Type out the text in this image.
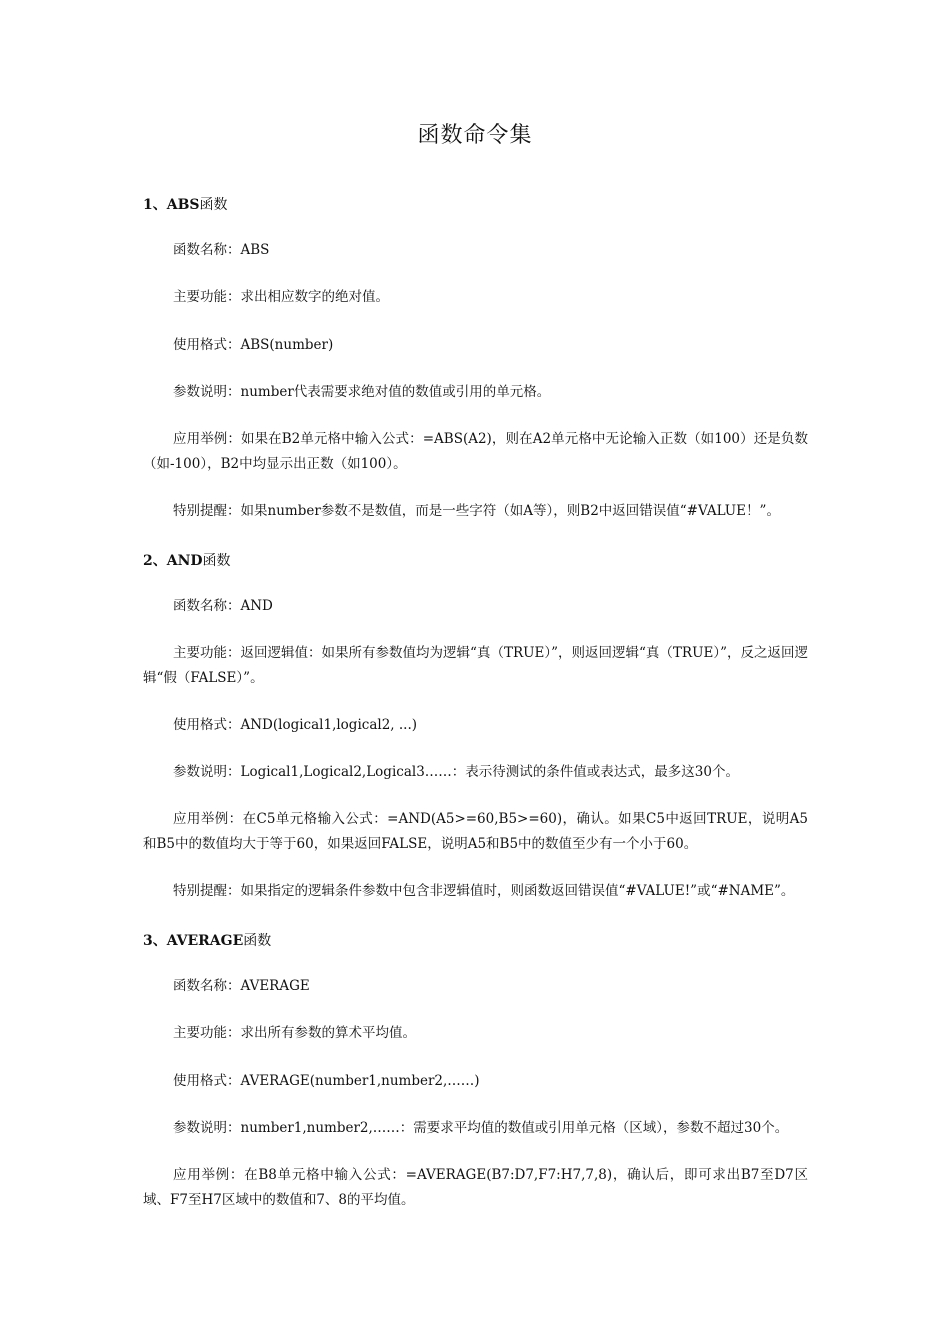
函数命令集
1、ABS函数
函数名称：ABS
主要功能：求出相应数字的绝对值。
使用格式：ABS(number)
参数说明：number代表需要求绝对值的数值或引用的单元格。
应用举例：如果在B2单元格中输入公式：=ABS(A2)，则在A2单元格中无论输入正数（如100）还是负数（如-100），B2中均显示出正数（如100）。
特别提醒：如果number参数不是数值，而是一些字符（如A等），则B2中返回错误值“#VALUE！”。
2、AND函数
函数名称：AND
主要功能：返回逻辑值：如果所有参数值均为逻辑“真（TRUE）”，则返回逻辑“真（TRUE）”，反之返回逻辑“假（FALSE）”。
使用格式：AND(logical1,logical2, ...)
参数说明：Logical1,Logical2,Logical3……：表示待测试的条件值或表达式，最多这30个。
应用举例：在C5单元格输入公式：=AND(A5>=60,B5>=60)，确认。如果C5中返回TRUE，说明A5和B5中的数值均大于等于60，如果返回FALSE，说明A5和B5中的数值至少有一个小于60。
特别提醒：如果指定的逻辑条件参数中包含非逻辑值时，则函数返回错误值“#VALUE!”或“#NAME”。
3、AVERAGE函数
函数名称：AVERAGE
主要功能：求出所有参数的算术平均值。
使用格式：AVERAGE(number1,number2,……)
参数说明：number1,number2,……：需要求平均值的数值或引用单元格（区域），参数不超过30个。
应用举例：在B8单元格中输入公式：=AVERAGE(B7:D7,F7:H7,7,8)，确认后，即可求出B7至D7区域、F7至H7区域中的数值和7、8的平均值。
